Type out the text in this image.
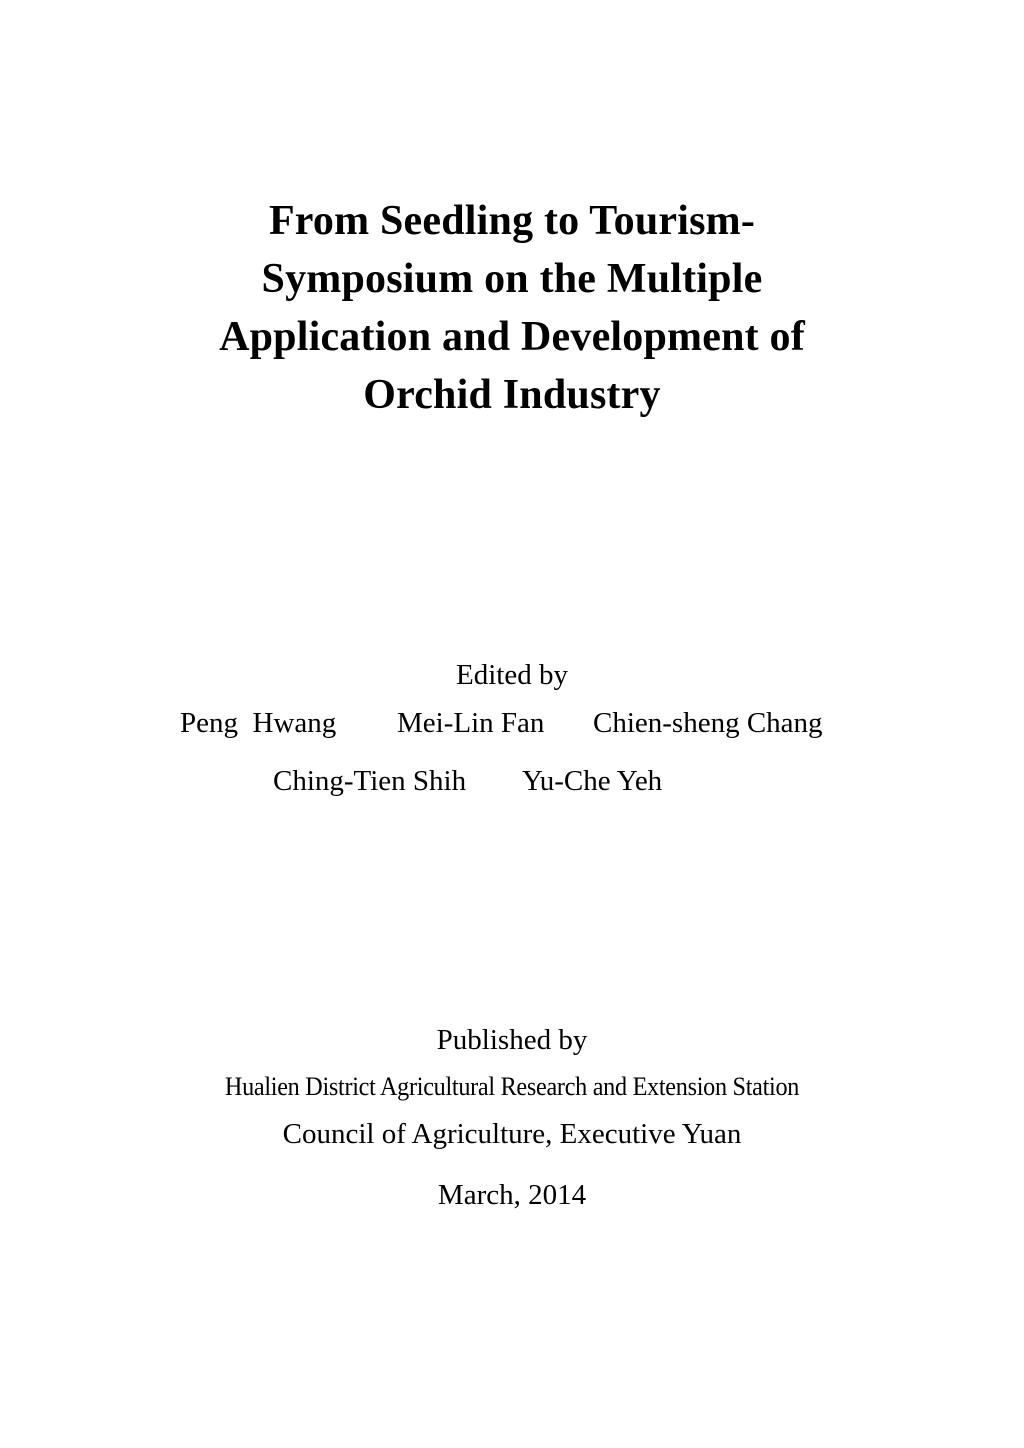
From Seedling to Tourism-
Symposium on the Multiple
Application and Development of
Orchid Industry
Edited by
Peng  Hwang Mei-Lin Fan Chien-sheng Chang
Ching-Tien Shih Yu-Che Yeh
Published by
Hualien District Agricultural Research and Extension Station
Council of Agriculture, Executive Yuan
March, 2014
